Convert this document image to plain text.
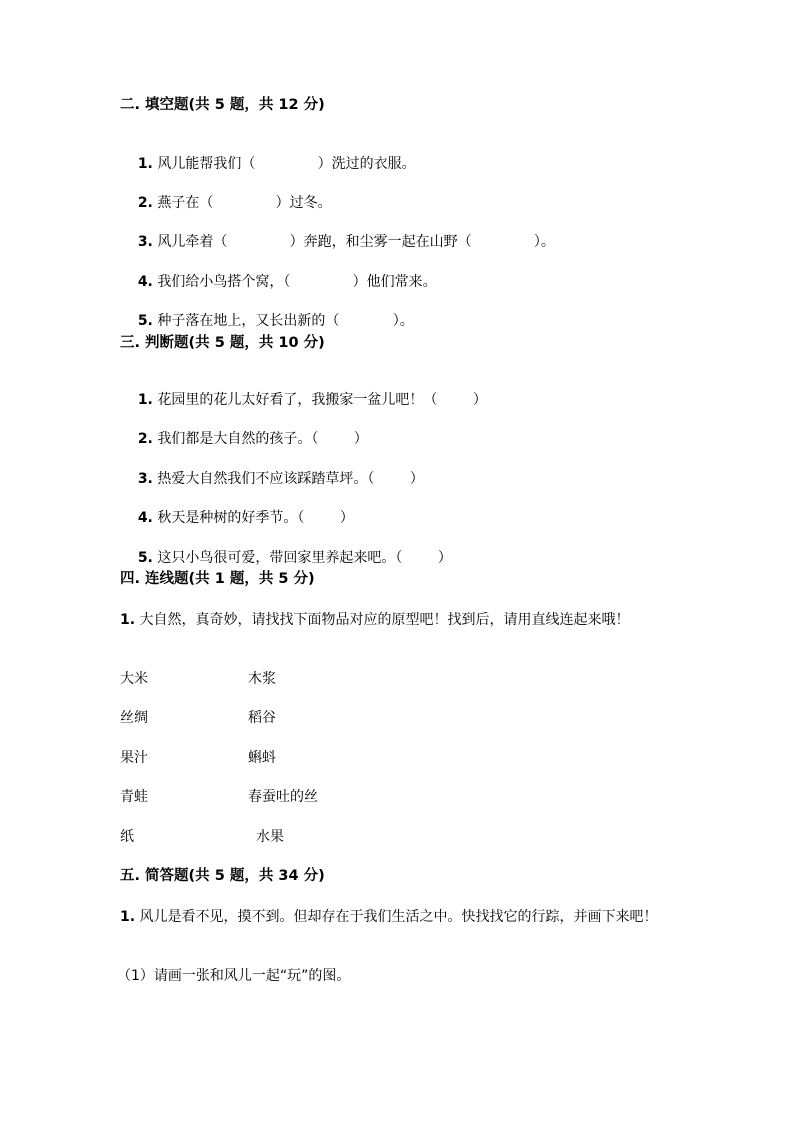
二. 填空题(共 5 题，共 12 分)

1. 风儿能帮我们（              ）洗过的衣服。

2. 燕子在（              ）过冬。

3. 风儿牵着（              ）奔跑，和尘雾一起在山野（              ）。

4. 我们给小鸟搭个窝，（              ）他们常来。

5. 种子落在地上，又长出新的（            ）。

三. 判断题(共 5 题，共 10 分)

1. 花园里的花儿太好看了，我搬家一盆儿吧！（        ）

2. 我们都是大自然的孩子。（        ）

3. 热爱大自然我们不应该踩踏草坪。（        ）

4. 秋天是种树的好季节。（        ）

5. 这只小鸟很可爱，带回家里养起来吧。（        ）

四. 连线题(共 1 题，共 5 分)
1. 大自然，真奇妙，请找找下面物品对应的原型吧！找到后，请用直线连起来哦！
大米	木浆
丝绸	稻谷
果汁	蝌蚪
青蛙	春蚕吐的丝
纸	水果
五. 简答题(共 5 题，共 34 分)
1. 风儿是看不见，摸不到。但却存在于我们生活之中。快找找它的行踪，并画下来吧！
（1）请画一张和风儿一起“玩”的图。
